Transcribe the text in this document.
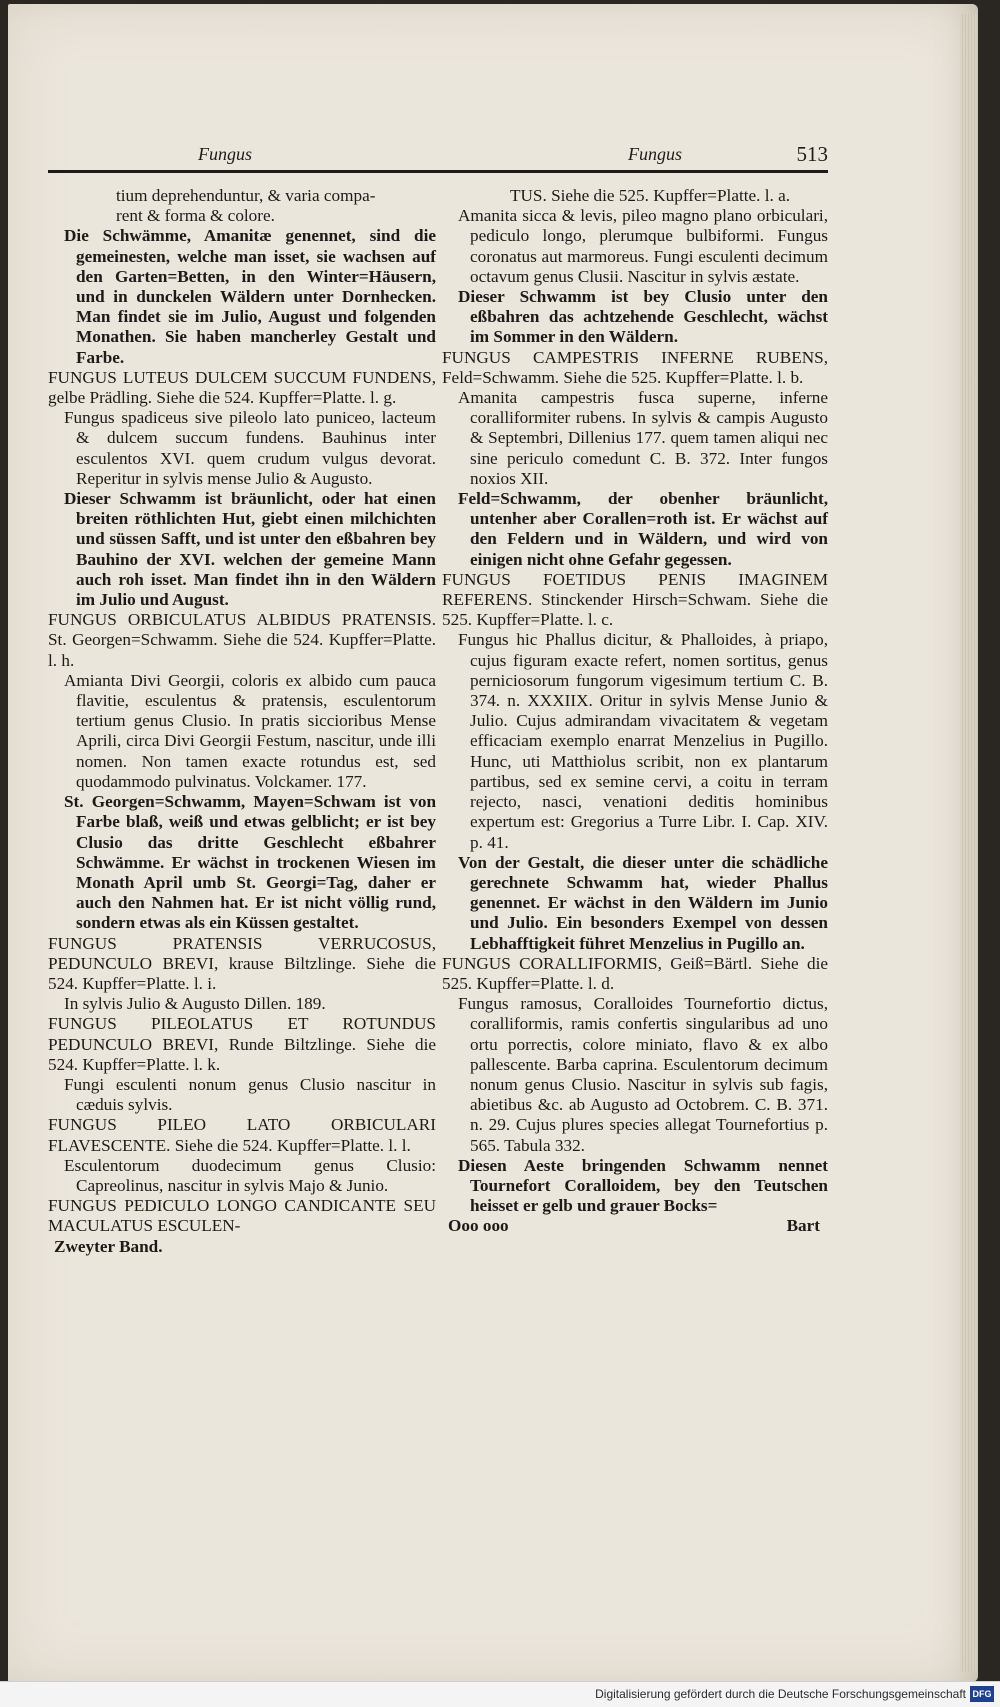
Fungus	Fungus	513

tium deprehenduntur, & varia compa-

rent & forma & colore.

Die Schwämme, Amanitæ genennet, sind die gemeinesten, welche man isset, sie wachsen auf den Garten=Betten, in den Winter=Häusern, und in dunckelen Wäldern unter Dornhecken. Man findet sie im Julio, August und folgenden Monathen. Sie haben mancherley Gestalt und Farbe.

FUNGUS LUTEUS DULCEM SUCCUM FUNDENS, gelbe Prädling. Siehe die 524. Kupffer=Platte. l. g.

Fungus spadiceus sive pileolo lato puniceo, lacteum & dulcem succum fundens. Bauhinus inter esculentos XVI. quem crudum vulgus devorat. Reperitur in sylvis mense Julio & Augusto.

Dieser Schwamm ist bräunlicht, oder hat einen breiten röthlichten Hut, giebt einen milchichten und süssen Safft, und ist unter den eßbahren bey Bauhino der XVI. welchen der gemeine Mann auch roh isset. Man findet ihn in den Wäldern im Julio und August.

FUNGUS ORBICULATUS ALBIDUS PRATENSIS. St. Georgen=Schwamm. Siehe die 524. Kupffer=Platte. l. h.

Amianta Divi Georgii, coloris ex albido cum pauca flavitie, esculentus & pratensis, esculentorum tertium genus Clusio. In pratis siccioribus Mense Aprili, circa Divi Georgii Festum, nascitur, unde illi nomen. Non tamen exacte rotundus est, sed quodammodo pulvinatus. Volckamer. 177.

St. Georgen=Schwamm, Mayen=Schwam ist von Farbe blaß, weiß und etwas gelblicht; er ist bey Clusio das dritte Geschlecht eßbahrer Schwämme. Er wächst in trockenen Wiesen im Monath April umb St. Georgi=Tag, daher er auch den Nahmen hat. Er ist nicht völlig rund, sondern etwas als ein Küssen gestaltet.

FUNGUS PRATENSIS VERRUCOSUS, PEDUNCULO BREVI, krause Biltzlinge. Siehe die 524. Kupffer=Platte. l. i.

In sylvis Julio & Augusto Dillen. 189.

FUNGUS PILEOLATUS ET ROTUNDUS PEDUNCULO BREVI, Runde Biltzlinge. Siehe die 524. Kupffer=Platte. l. k.

Fungi esculenti nonum genus Clusio nascitur in cæduis sylvis.

FUNGUS PILEO LATO ORBICULARI FLAVESCENTE. Siehe die 524. Kupffer=Platte. l. l.

Esculentorum duodecimum genus Clusio: Capreolinus, nascitur in sylvis Majo & Junio.

FUNGUS PEDICULO LONGO CANDICANTE SEU MACULATUS ESCULEN-

Zweyter Band.

TUS. Siehe die 525. Kupffer=Platte. l. a.

Amanita sicca & levis, pileo magno plano orbiculari, pediculo longo, plerumque bulbiformi. Fungus coronatus aut marmoreus. Fungi esculenti decimum octavum genus Clusii. Nascitur in sylvis æstate.

Dieser Schwamm ist bey Clusio unter den eßbahren das achtzehende Geschlecht, wächst im Sommer in den Wäldern.

FUNGUS CAMPESTRIS INFERNE RUBENS, Feld=Schwamm. Siehe die 525. Kupffer=Platte. l. b.

Amanita campestris fusca superne, inferne coralliformiter rubens. In sylvis & campis Augusto & Septembri, Dillenius 177. quem tamen aliqui nec sine periculo comedunt C. B. 372. Inter fungos noxios XII.

Feld=Schwamm, der obenher bräunlicht, untenher aber Corallen=roth ist. Er wächst auf den Feldern und in Wäldern, und wird von einigen nicht ohne Gefahr gegessen.

FUNGUS FOETIDUS PENIS IMAGINEM REFERENS. Stinckender Hirsch=Schwam. Siehe die 525. Kupffer=Platte. l. c.

Fungus hic Phallus dicitur, & Phalloides, à priapo, cujus figuram exacte refert, nomen sortitus, genus perniciosorum fungorum vigesimum tertium C. B. 374. n. XXXIIX. Oritur in sylvis Mense Junio & Julio. Cujus admirandam vivacitatem & vegetam efficaciam exemplo enarrat Menzelius in Pugillo. Hunc, uti Matthiolus scribit, non ex plantarum partibus, sed ex semine cervi, a coitu in terram rejecto, nasci, venationi deditis hominibus expertum est: Gregorius a Turre Libr. I. Cap. XIV. p. 41.

Von der Gestalt, die dieser unter die schädliche gerechnete Schwamm hat, wieder Phallus genennet. Er wächst in den Wäldern im Junio und Julio. Ein besonders Exempel von dessen Lebhafftigkeit führet Menzelius in Pugillo an.

FUNGUS CORALLIFORMIS, Geiß=Bärtl. Siehe die 525. Kupffer=Platte. l. d.

Fungus ramosus, Coralloides Tournefortio dictus, coralliformis, ramis confertis singularibus ad uno ortu porrectis, colore miniato, flavo & ex albo pallescente. Barba caprina. Esculentorum decimum nonum genus Clusio. Nascitur in sylvis sub fagis, abietibus &c. ab Augusto ad Octobrem. C. B. 371. n. 29. Cujus plures species allegat Tournefortius p. 565. Tabula 332.

Diesen Aeste bringenden Schwamm nennet Tournefort Coralloidem, bey den Teutschen heisset er gelb und grauer Bocks=

Ooo ooo	Bart

Digitalisierung gefördert durch die Deutsche Forschungsgemeinschaft DFG
